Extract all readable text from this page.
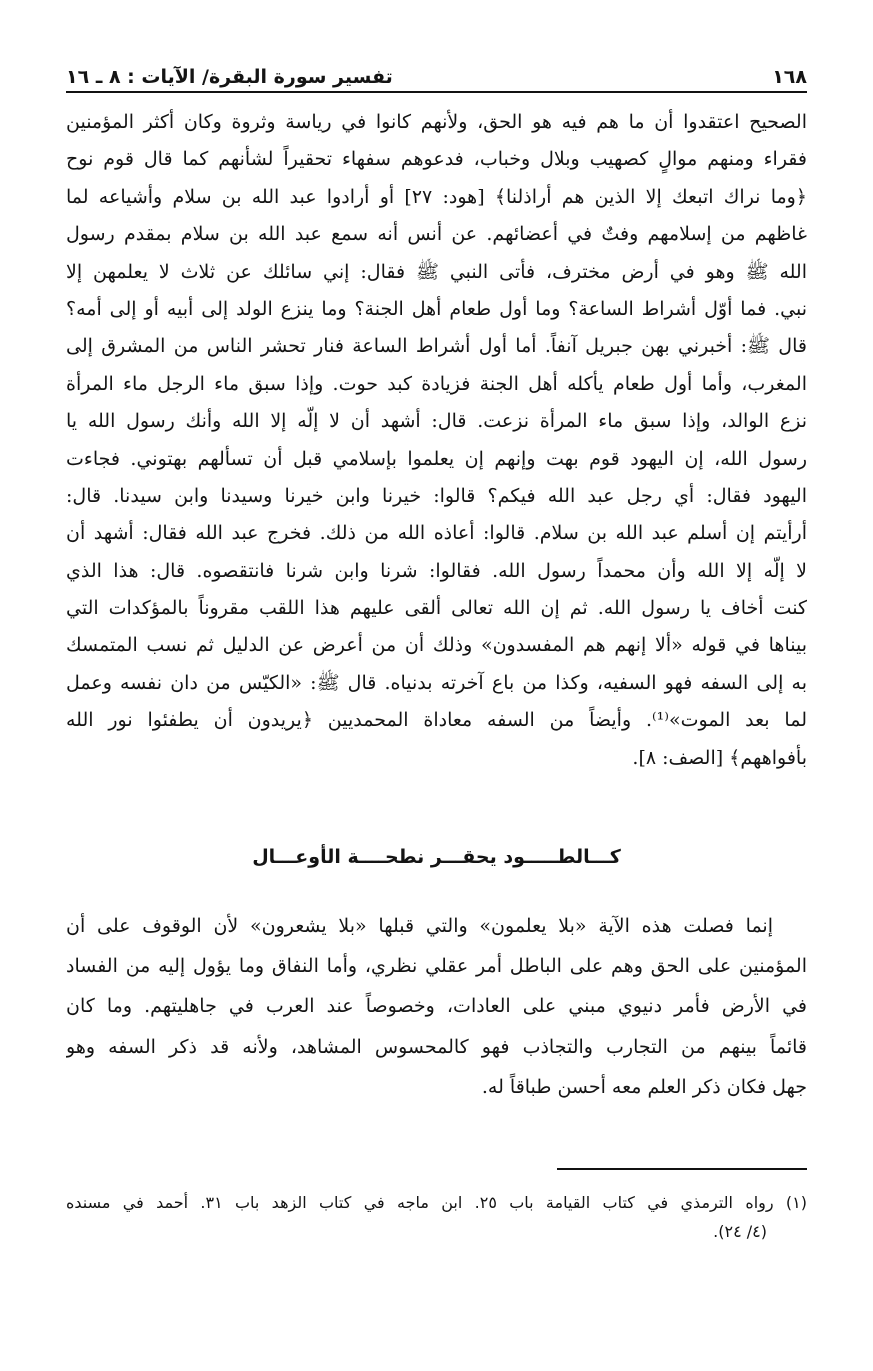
١٦٨
تفسير سورة البقرة/ الآيات : ٨ ـ ١٦
الصحيح اعتقدوا أن ما هم فيه هو الحق، ولأنهم كانوا في رياسة وثروة وكان أكثر المؤمنين
فقراء ومنهم موالٍ كصهيب وبلال وخباب، فدعوهم سفهاء تحقيراً لشأنهم كما قال قوم نوح
﴿وما نراك اتبعك إلا الذين هم أراذلنا﴾ [هود: ٢٧] أو أرادوا عبد الله بن سلام وأشياعه لما
غاظهم من إسلامهم وفتٌ في أعضائهم. عن أنس أنه سمع عبد الله بن سلام بمقدم رسول
الله ﷺ وهو في أرض مخترف، فأتى النبي ﷺ فقال: إني سائلك عن ثلاث لا يعلمهن إلا
نبي. فما أوّل أشراط الساعة؟ وما أول طعام أهل الجنة؟ وما ينزع الولد إلى أبيه أو إلى أمه؟
قال ﷺ: أخبرني بهن جبريل آنفاً. أما أول أشراط الساعة فنار تحشر الناس من المشرق إلى
المغرب، وأما أول طعام يأكله أهل الجنة فزيادة كبد حوت. وإذا سبق ماء الرجل ماء المرأة
نزع الوالد، وإذا سبق ماء المرأة نزعت. قال: أشهد أن لا إلّه إلا الله وأنك رسول الله يا
رسول الله، إن اليهود قوم بهت وإنهم إن يعلموا بإسلامي قبل أن تسألهم بهتوني. فجاءت
اليهود فقال: أي رجل عبد الله فيكم؟ قالوا: خيرنا وابن خيرنا وسيدنا وابن سيدنا. قال:
أرأيتم إن أسلم عبد الله بن سلام. قالوا: أعاذه الله من ذلك. فخرج عبد الله فقال: أشهد أن
لا إلّه إلا الله وأن محمداً رسول الله. فقالوا: شرنا وابن شرنا فانتقصوه. قال: هذا الذي
كنت أخاف يا رسول الله. ثم إن الله تعالى ألقى عليهم هذا اللقب مقروناً بالمؤكدات التي
بيناها في قوله «ألا إنهم هم المفسدون» وذلك أن من أعرض عن الدليل ثم نسب المتمسك
به إلى السفه فهو السفيه، وكذا من باع آخرته بدنياه. قال ﷺ: «الكيّس من دان نفسه وعمل
لما بعد الموت»⁽¹⁾. وأيضاً من السفه معاداة المحمديين ﴿يريدون أن يطفئوا نور الله
بأفواههم﴾ [الصف: ٨].
كـــالطـــــود يحقـــر نطحــــة الأوعـــال
إنما فصلت هذه الآية «بلا يعلمون» والتي قبلها «بلا يشعرون» لأن الوقوف على أن
المؤمنين على الحق وهم على الباطل أمر عقلي نظري، وأما النفاق وما يؤول إليه من الفساد
في الأرض فأمر دنيوي مبني على العادات، وخصوصاً عند العرب في جاهليتهم. وما كان
قائماً بينهم من التجارب والتجاذب فهو كالمحسوس المشاهد، ولأنه قد ذكر السفه وهو
جهل فكان ذكر العلم معه أحسن طباقاً له.
(١) رواه الترمذي في كتاب القيامة باب ٢٥. ابن ماجه في كتاب الزهد باب ٣١. أحمد في مسنده
(٤/ ٢٤).
